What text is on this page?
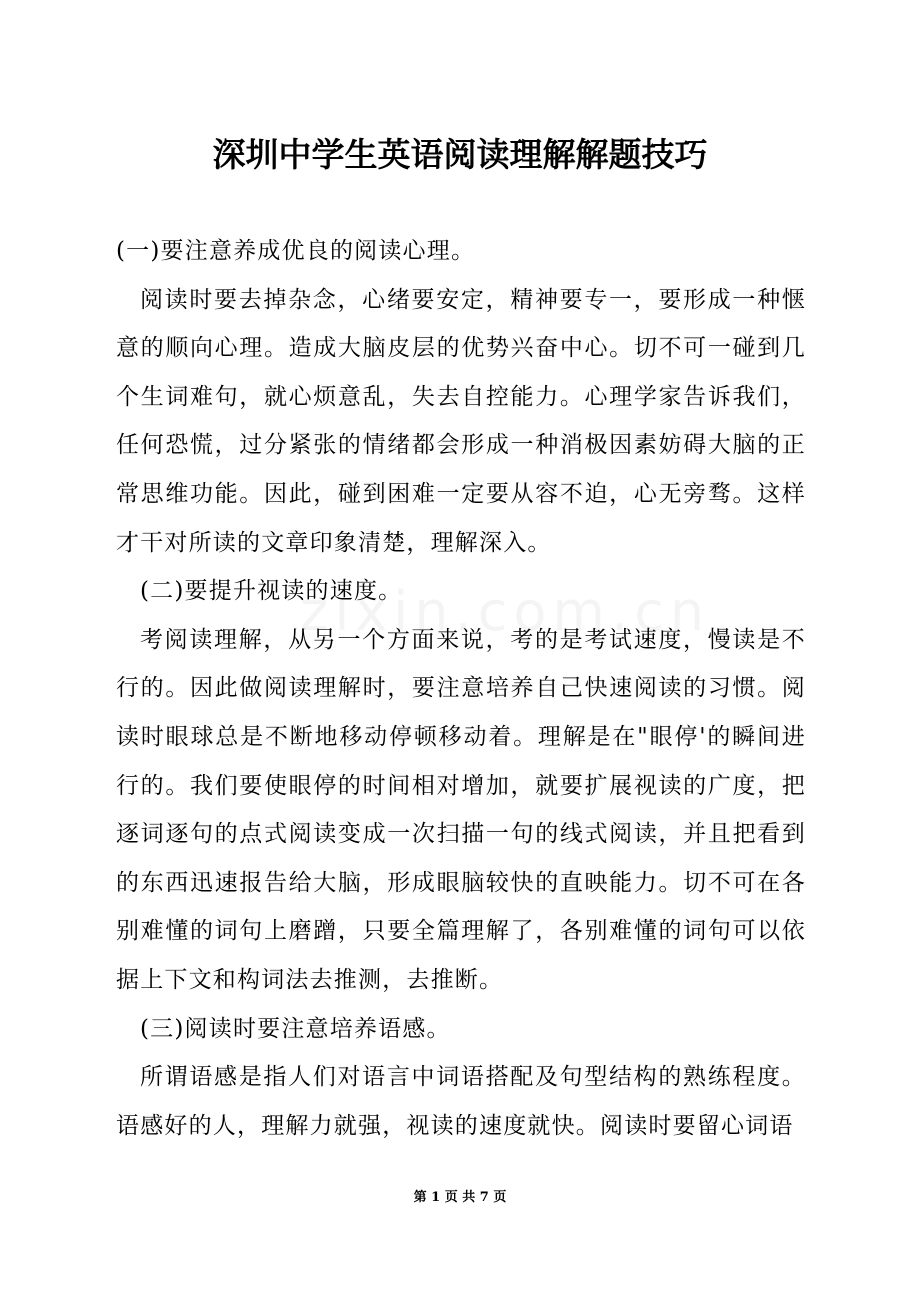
深圳中学生英语阅读理解解题技巧

(一)要注意养成优良的阅读心理。

阅读时要去掉杂念，心绪要安定，精神要专一，要形成一种惬意的顺向心理。造成大脑皮层的优势兴奋中心。切不可一碰到几个生词难句，就心烦意乱，失去自控能力。心理学家告诉我们，任何恐慌，过分紧张的情绪都会形成一种消极因素妨碍大脑的正常思维功能。因此，碰到困难一定要从容不迫，心无旁骛。这样才干对所读的文章印象清楚，理解深入。

(二)要提升视读的速度。

考阅读理解，从另一个方面来说，考的是考试速度，慢读是不行的。因此做阅读理解时，要注意培养自己快速阅读的习惯。阅读时眼球总是不断地移动停顿移动着。理解是在"眼停'的瞬间进行的。我们要使眼停的时间相对增加，就要扩展视读的广度，把逐词逐句的点式阅读变成一次扫描一句的线式阅读，并且把看到的东西迅速报告给大脑，形成眼脑较快的直映能力。切不可在各别难懂的词句上磨蹭，只要全篇理解了，各别难懂的词句可以依据上下文和构词法去推测，去推断。

(三)阅读时要注意培养语感。

所谓语感是指人们对语言中词语搭配及句型结构的熟练程度。语感好的人，理解力就强，视读的速度就快。阅读时要留心词语

第 1 页 共 7 页
